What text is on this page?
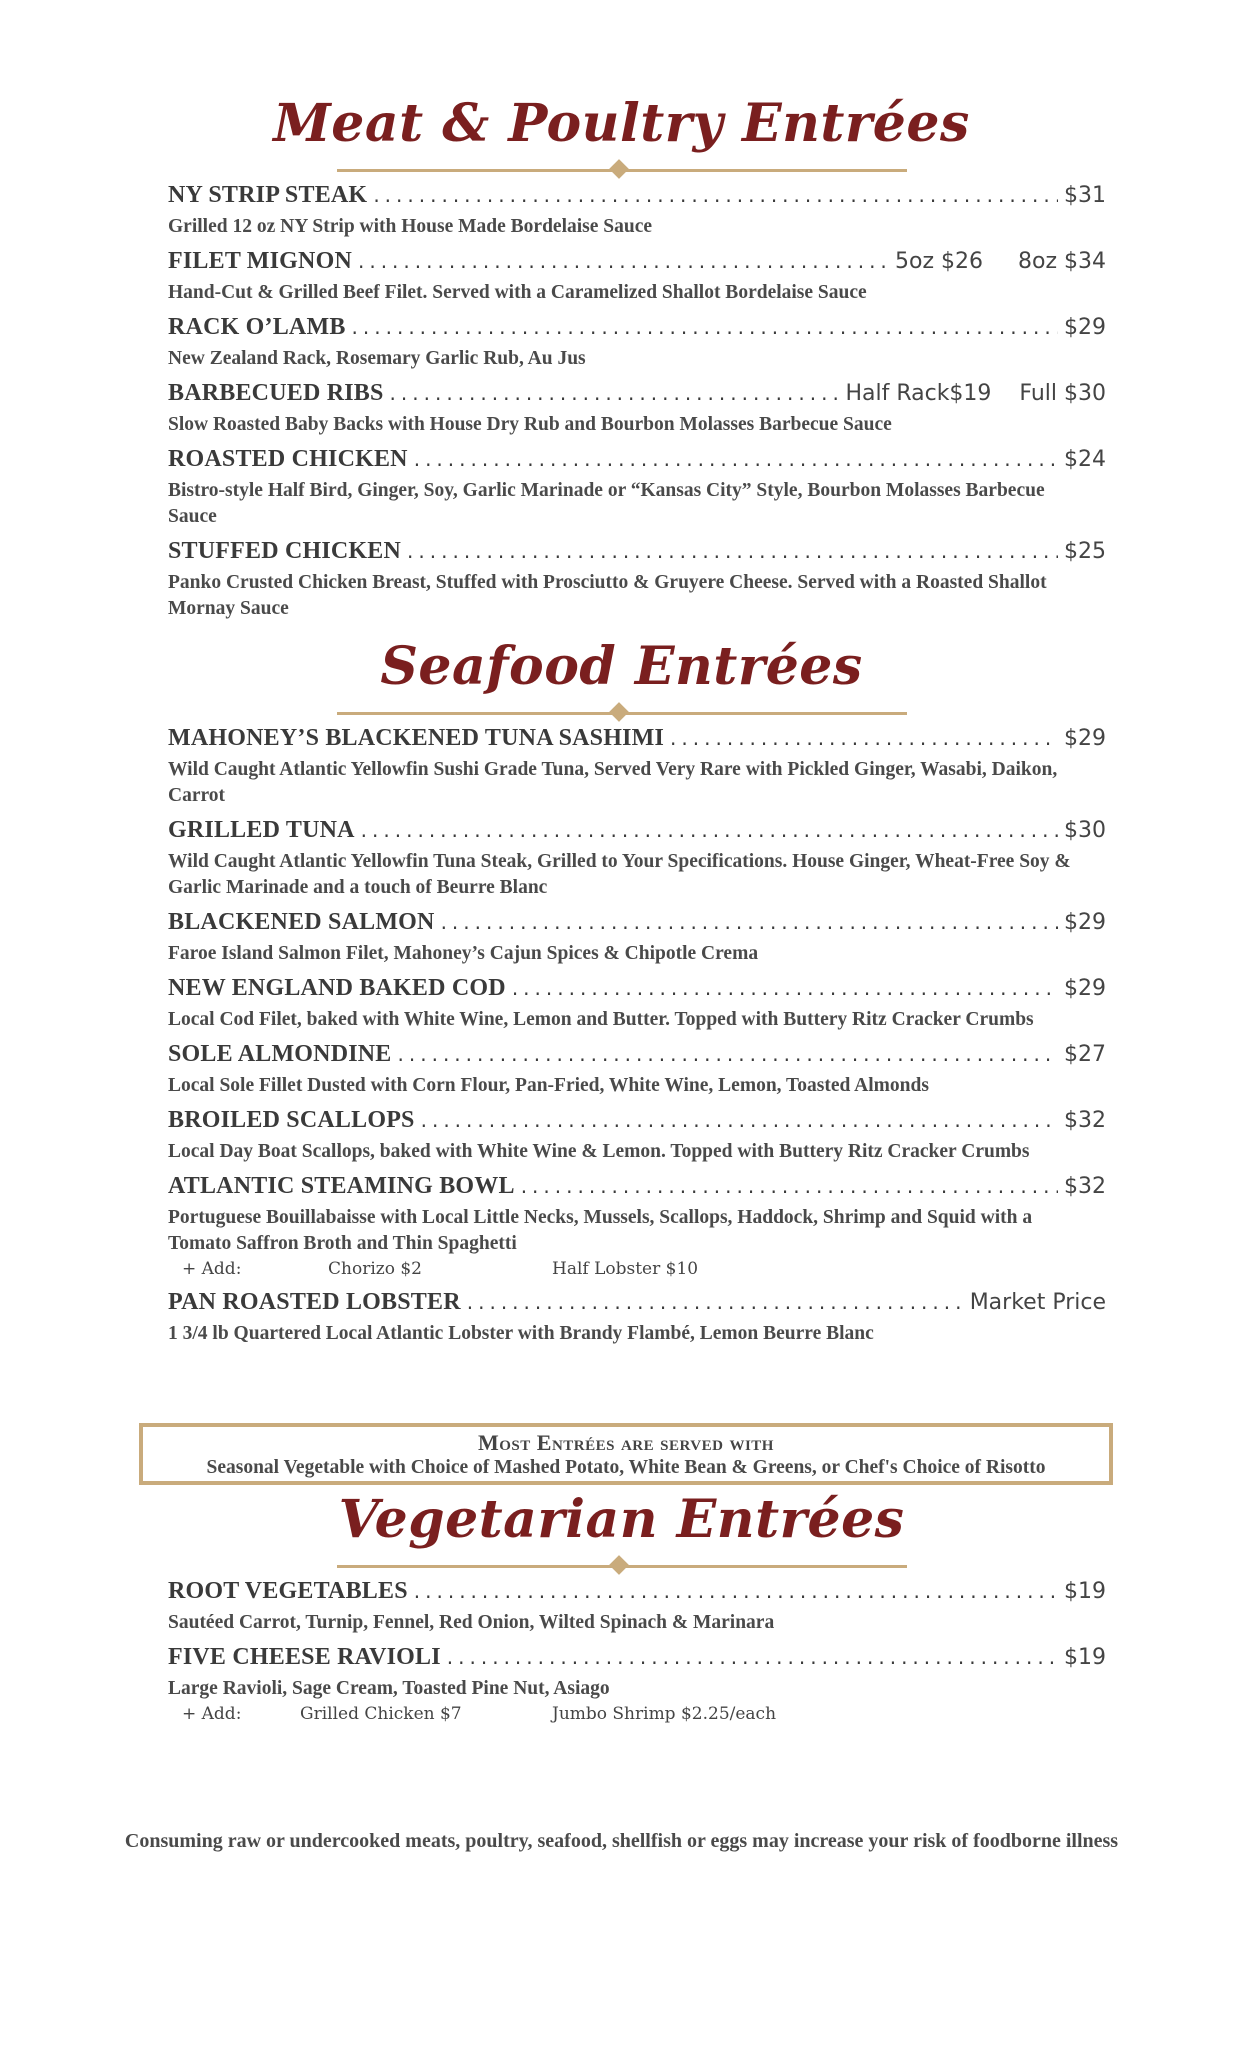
Meat & Poultry Entrées
NY STRIP STEAK .....	$31
Grilled 12 oz NY Strip with House Made Bordelaise Sauce
FILET MIGNON .....	5oz $26     8oz $34
Hand-Cut & Grilled Beef Filet. Served with a Caramelized Shallot Bordelaise Sauce
RACK O’LAMB .....	$29
New Zealand Rack, Rosemary Garlic Rub, Au Jus
BARBECUED RIBS .....	Half Rack$19    Full $30
Slow Roasted Baby Backs with House Dry Rub and Bourbon Molasses Barbecue Sauce
ROASTED CHICKEN .....	$24
Bistro-style Half Bird, Ginger, Soy, Garlic Marinade or “Kansas City” Style, Bourbon Molasses Barbecue Sauce
STUFFED CHICKEN .....	$25
Panko Crusted Chicken Breast, Stuffed with Prosciutto & Gruyere Cheese. Served with a Roasted Shallot Mornay Sauce
Seafood Entrées
MAHONEY’S BLACKENED TUNA SASHIMI .....	$29
Wild Caught Atlantic Yellowfin Sushi Grade Tuna, Served Very Rare with Pickled Ginger, Wasabi, Daikon, Carrot
GRILLED TUNA .....	$30
Wild Caught Atlantic Yellowfin Tuna Steak, Grilled to Your Specifications. House Ginger, Wheat-Free Soy & Garlic Marinade and a touch of Beurre Blanc
BLACKENED SALMON .....	$29
Faroe Island Salmon Filet, Mahoney’s Cajun Spices & Chipotle Crema
NEW ENGLAND BAKED COD .....	$29
Local Cod Filet, baked with White Wine, Lemon and Butter. Topped with Buttery Ritz Cracker Crumbs
SOLE ALMONDINE .....	$27
Local Sole Fillet Dusted with Corn Flour, Pan-Fried, White Wine, Lemon, Toasted Almonds
BROILED SCALLOPS .....	$32
Local Day Boat Scallops, baked with White Wine & Lemon. Topped with Buttery Ritz Cracker Crumbs
ATLANTIC STEAMING BOWL .....	$32
Portuguese Bouillabaisse with Local Little Necks, Mussels, Scallops, Haddock, Shrimp and Squid with a Tomato Saffron Broth and Thin Spaghetti
+ Add:	Chorizo $2	Half Lobster $10
PAN ROASTED LOBSTER .....	Market Price
1 3/4 lb Quartered Local Atlantic Lobster with Brandy Flambé, Lemon Beurre Blanc
Most Entrées are served with
Seasonal Vegetable with Choice of Mashed Potato, White Bean & Greens, or Chef's Choice of Risotto
Vegetarian Entrées
ROOT VEGETABLES .....	$19
Sautéed Carrot, Turnip, Fennel, Red Onion, Wilted Spinach & Marinara
FIVE CHEESE RAVIOLI .....	$19
Large Ravioli, Sage Cream, Toasted Pine Nut, Asiago
+ Add:	Grilled Chicken $7	Jumbo Shrimp $2.25/each
Consuming raw or undercooked meats, poultry, seafood, shellfish or eggs may increase your risk of foodborne illness
